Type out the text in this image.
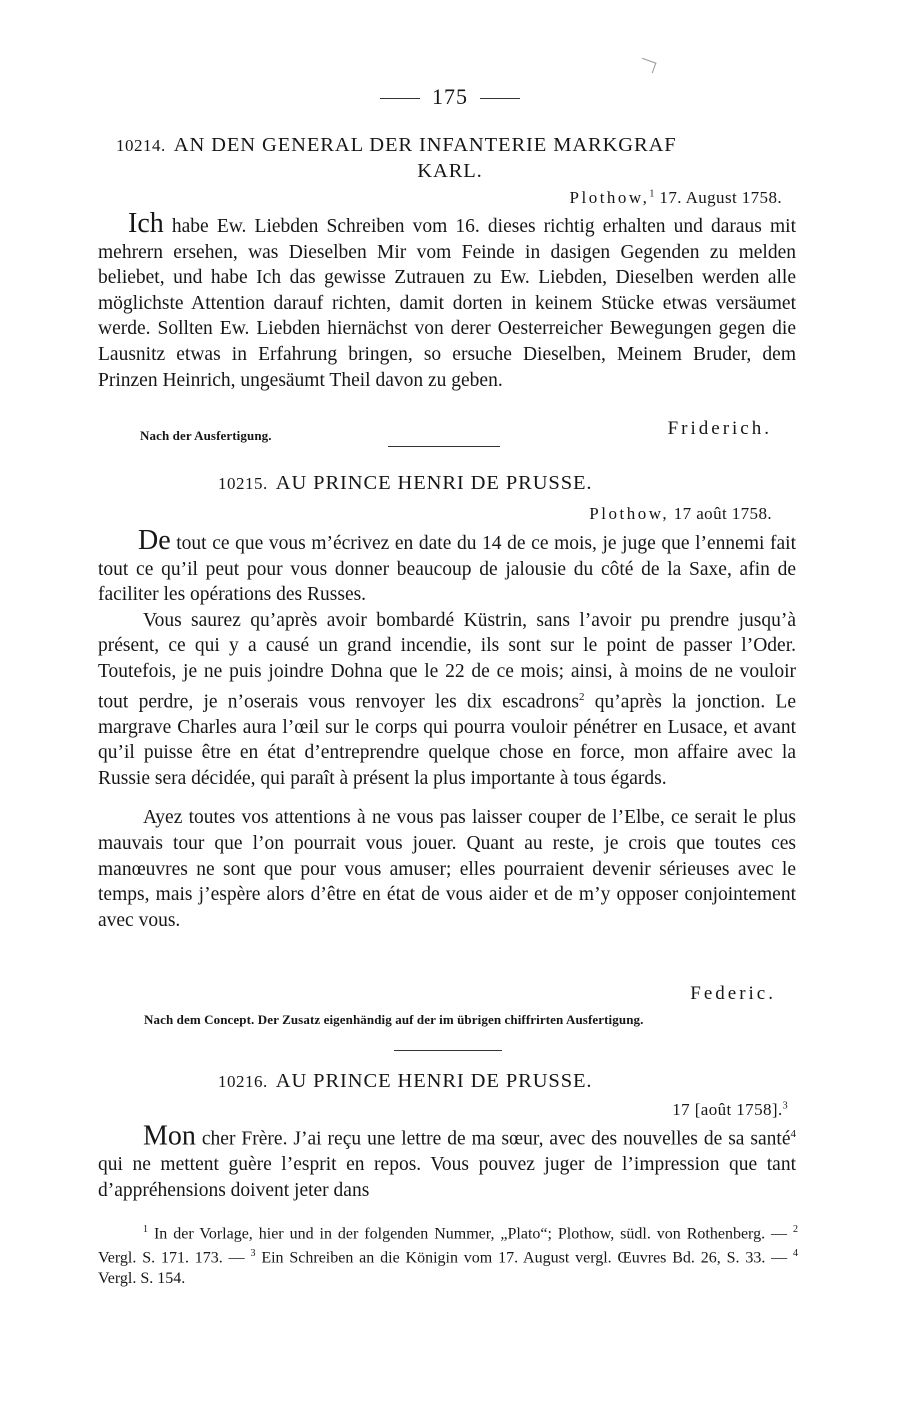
175
10214. AN DEN GENERAL DER INFANTERIE MARKGRAF
KARL.
Plothow,$^1$ 17. August 1758.

Ich habe Ew. Liebden Schreiben vom 16. dieses richtig erhalten und daraus mit mehrern ersehen, was Dieselben Mir vom Feinde in dasigen Gegenden zu melden beliebet, und habe Ich das gewisse Zutrauen zu Ew. Liebden, Dieselben werden alle möglichste Attention darauf richten, damit dorten in keinem Stücke etwas versäumet werde. Sollten Ew. Liebden hiernächst von derer Oesterreicher Bewegungen gegen die Lausnitz etwas in Erfahrung bringen, so ersuche Dieselben, Meinem Bruder, dem Prinzen Heinrich, ungesäumt Theil davon zu geben.

Nach der Ausfertigung.	Friderich.
10215. AU PRINCE HENRI DE PRUSSE.
Plothow, 17 août 1758.

De tout ce que vous m’écrivez en date du 14 de ce mois, je juge que l’ennemi fait tout ce qu’il peut pour vous donner beaucoup de jalousie du côté de la Saxe, afin de faciliter les opérations des Russes.

Vous saurez qu’après avoir bombardé Küstrin, sans l’avoir pu prendre jusqu’à présent, ce qui y a causé un grand incendie, ils sont sur le point de passer l’Oder. Toutefois, je ne puis joindre Dohna que le 22 de ce mois; ainsi, à moins de ne vouloir tout perdre, je n’oserais vous renvoyer les dix escadrons$^2$ qu’après la jonction. Le margrave Charles aura l’œil sur le corps qui pourra vouloir pénétrer en Lusace, et avant qu’il puisse être en état d’entreprendre quelque chose en force, mon affaire avec la Russie sera décidée, qui paraît à présent la plus importante à tous égards.

Ayez toutes vos attentions à ne vous pas laisser couper de l’Elbe, ce serait le plus mauvais tour que l’on pourrait vous jouer. Quant au reste, je crois que toutes ces manœuvres ne sont que pour vous amuser; elles pourraient devenir sérieuses avec le temps, mais j’espère alors d’être en état de vous aider et de m’y opposer conjointement avec vous.

Federic.
Nach dem Concept. Der Zusatz eigenhändig auf der im übrigen chiffrirten Ausfertigung.
10216. AU PRINCE HENRI DE PRUSSE.
17 [août 1758].$^3$

Mon cher Frère. J’ai reçu une lettre de ma sœur, avec des nouvelles de sa santé$^4$ qui ne mettent guère l’esprit en repos. Vous pouvez juger de l’impression que tant d’appréhensions doivent jeter dans

$^1$ In der Vorlage, hier und in der folgenden Nummer, „Plato“; Plothow, südl. von Rothenberg. — $^2$ Vergl. S. 171. 173. — $^3$ Ein Schreiben an die Königin vom 17. August vergl. Œuvres Bd. 26, S. 33. — $^4$ Vergl. S. 154.
